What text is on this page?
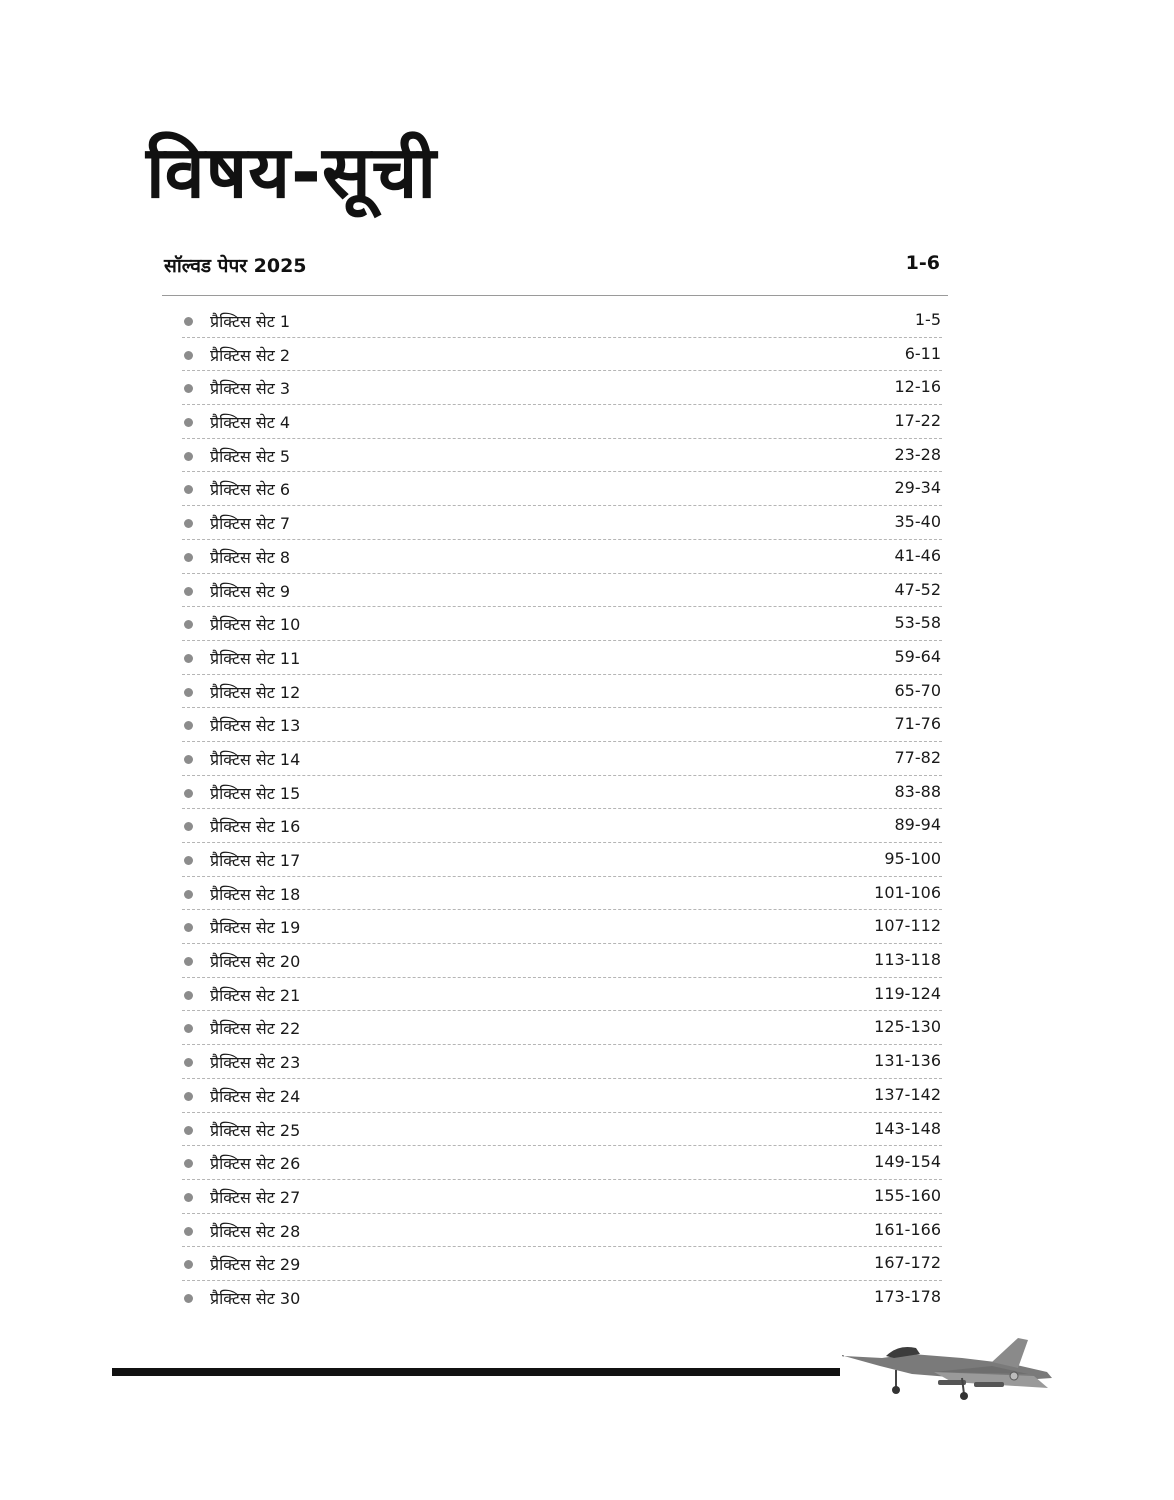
विषय-सूची
सॉल्वड पेपर 2025	1-6
प्रैक्टिस सेट 1	1-5
प्रैक्टिस सेट 2	6-11
प्रैक्टिस सेट 3	12-16
प्रैक्टिस सेट 4	17-22
प्रैक्टिस सेट 5	23-28
प्रैक्टिस सेट 6	29-34
प्रैक्टिस सेट 7	35-40
प्रैक्टिस सेट 8	41-46
प्रैक्टिस सेट 9	47-52
प्रैक्टिस सेट 10	53-58
प्रैक्टिस सेट 11	59-64
प्रैक्टिस सेट 12	65-70
प्रैक्टिस सेट 13	71-76
प्रैक्टिस सेट 14	77-82
प्रैक्टिस सेट 15	83-88
प्रैक्टिस सेट 16	89-94
प्रैक्टिस सेट 17	95-100
प्रैक्टिस सेट 18	101-106
प्रैक्टिस सेट 19	107-112
प्रैक्टिस सेट 20	113-118
प्रैक्टिस सेट 21	119-124
प्रैक्टिस सेट 22	125-130
प्रैक्टिस सेट 23	131-136
प्रैक्टिस सेट 24	137-142
प्रैक्टिस सेट 25	143-148
प्रैक्टिस सेट 26	149-154
प्रैक्टिस सेट 27	155-160
प्रैक्टिस सेट 28	161-166
प्रैक्टिस सेट 29	167-172
प्रैक्टिस सेट 30	173-178
